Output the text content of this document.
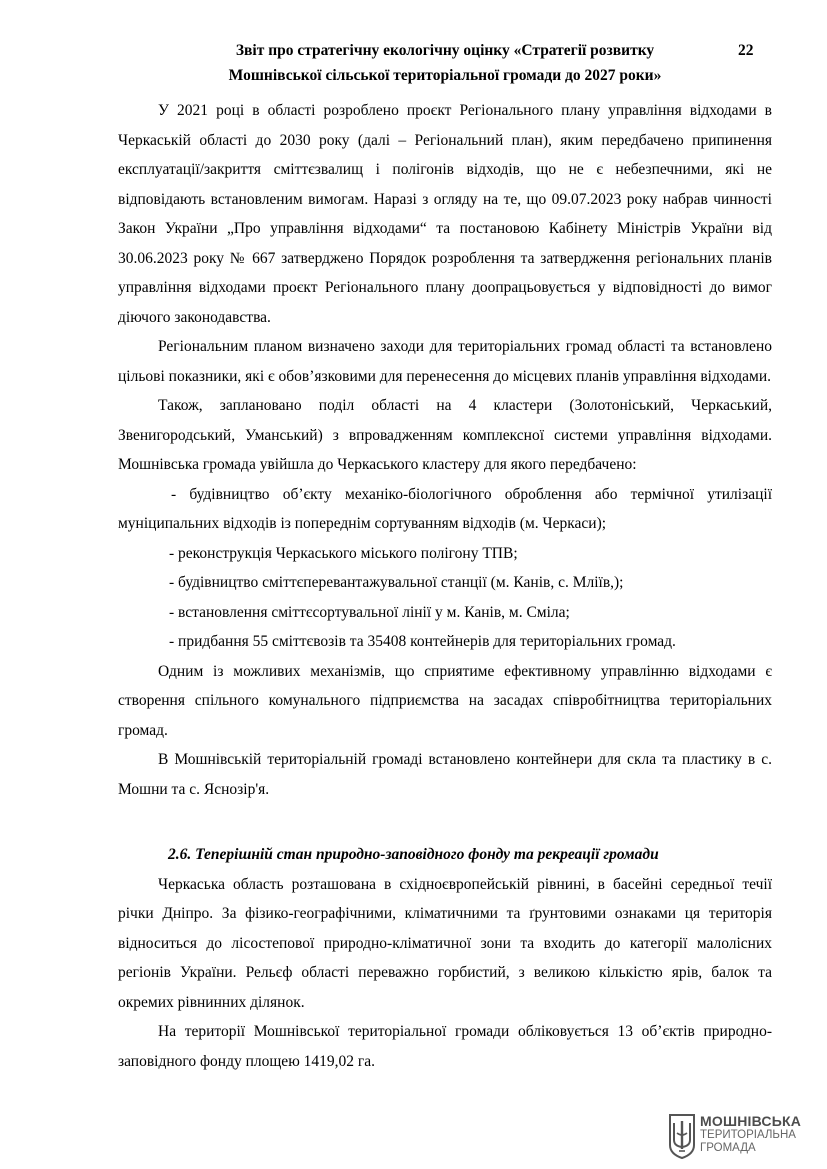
Звіт про стратегічну екологічну оцінку «Стратегії розвитку
Мошнівської сільської територіальної громади до 2027 роки»
22

У 2021 році в області розроблено проєкт Регіонального плану управління відходами в Черкаській області до 2030 року (далі – Регіональний план), яким передбачено припинення експлуатації/закриття сміттєзвалищ і полігонів відходів, що не є небезпечними, які не відповідають встановленим вимогам. Наразі з огляду на те, що 09.07.2023 року набрав чинності Закон України „Про управління відходами“ та постановою Кабінету Міністрів України від 30.06.2023 року № 667 затверджено Порядок розроблення та затвердження регіональних планів управління відходами проєкт Регіонального плану доопрацьовується у відповідності до вимог діючого законодавства.

Регіональним планом визначено заходи для територіальних громад області та встановлено цільові показники, які є обов’язковими для перенесення до місцевих планів управління відходами.

Також, заплановано поділ області на 4 кластери (Золотоніський, Черкаський, Звенигородський, Уманський) з впровадженням комплексної системи управління відходами. Мошнівська громада увійшла до Черкаського кластеру для якого передбачено:

- будівництво об’єкту механіко-біологічного оброблення або термічної утилізації муніципальних відходів із попереднім сортуванням відходів (м. Черкаси);

- реконструкція Черкаського міського полігону ТПВ;

- будівництво сміттєперевантажувальної станції (м. Канів, с. Мліїв,);

- встановлення сміттєсортувальної лінії у м. Канів, м. Сміла;

- придбання 55 сміттєвозів та 35408 контейнерів для територіальних громад.

Одним із можливих механізмів, що сприятиме ефективному управлінню відходами є створення спільного комунального підприємства на засадах співробітництва територіальних громад.

В Мошнівській територіальній громаді встановлено контейнери для скла та пластику в с. Мошни та с. Яснозір'я.

2.6. Теперішній стан природно-заповідного фонду та рекреації громади

Черкаська область розташована в східноєвропейській рівнині, в басейні середньої течії річки Дніпро. За фізико-географічними, кліматичними та ґрунтовими ознаками ця територія відноситься до лісостепової природно-кліматичної зони та входить до категорії малолісних регіонів України. Рельєф області переважно горбистий, з великою кількістю ярів, балок та окремих рівнинних ділянок.

На території Мошнівської територіальної громади обліковується 13 об’єктів природно-заповідного фонду площею 1419,02 га.

МОШНІВСЬКА
ТЕРИТОРІАЛЬНА
ГРОМАДА
